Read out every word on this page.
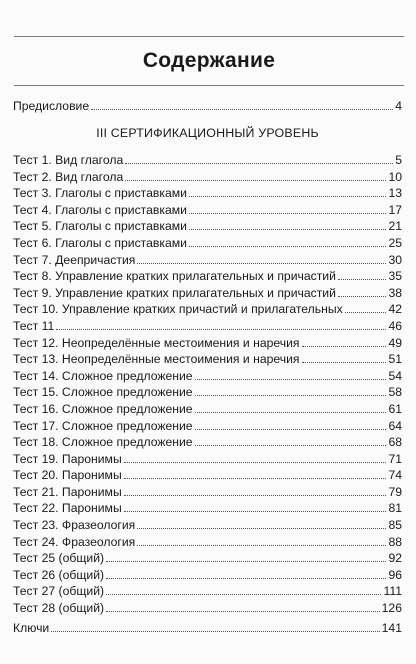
Содержание
Предисловие	4
III СЕРТИФИКАЦИОННЫЙ УРОВЕНЬ
Тест 1. Вид глагола	5
Тест 2. Вид глагола	10
Тест 3. Глаголы с приставками	13
Тест 4. Глаголы с приставками	17
Тест 5. Глаголы с приставками	21
Тест 6. Глаголы с приставками	25
Тест 7. Деепричастия	30
Тест 8. Управление кратких прилагательных и причастий	35
Тест 9. Управление кратких прилагательных и причастий	38
Тест 10. Управление кратких причастий и прилагательных	42
Тест 11	46
Тест 12. Неопределённые местоимения и наречия	49
Тест 13. Неопределённые местоимения и наречия	51
Тест 14. Сложное предложение	54
Тест 15. Сложное предложение	58
Тест 16. Сложное предложение	61
Тест 17. Сложное предложение	64
Тест 18. Сложное предложение	68
Тест 19. Паронимы	71
Тест 20. Паронимы	74
Тест 21. Паронимы	79
Тест 22. Паронимы	81
Тест 23. Фразеология	85
Тест 24. Фразеология	88
Тест 25 (общий)	92
Тест 26 (общий)	96
Тест 27 (общий)	111
Тест 28 (общий)	126
Ключи	141
